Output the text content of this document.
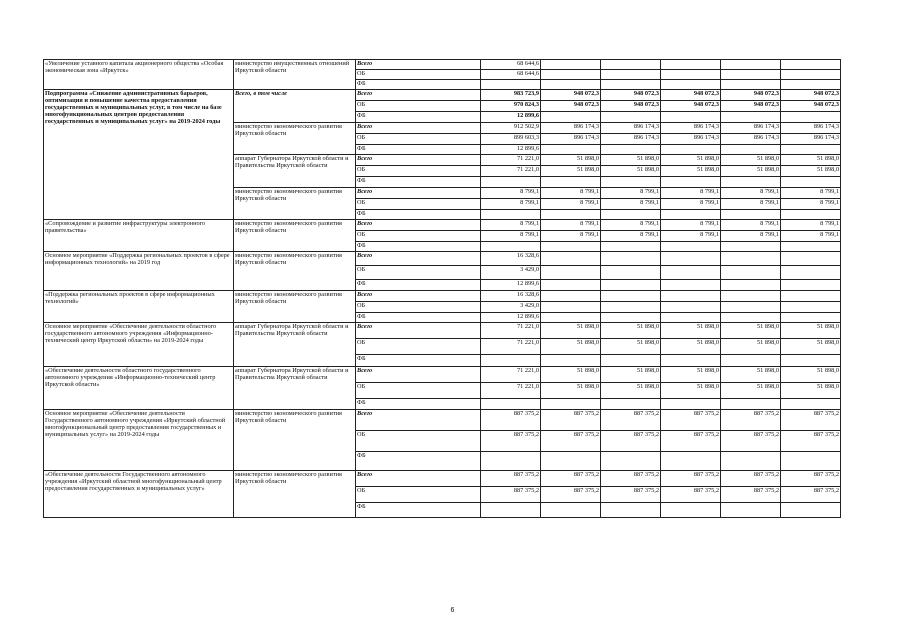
«Увеличение уставного капитала акционерного общества «Особая экономическая зона «Иркутск»	министерство имущественных отношений Иркутской области	Всего	68 644,6					
		ОБ	68 644,6					
		ФБ						
Подпрограмма «Снижение административных барьеров, оптимизация и повышение качества предоставления государственных и муниципальных услуг, в том числе на базе многофункциональных центров предоставления государственных и муниципальных услуг» на 2019-2024 годы	Всего, в том числе	Всего	983 723,9	948 072,3	948 072,3	948 072,3	948 072,3	948 072,3
		ОБ	970 824,3	948 072,3	948 072,3	948 072,3	948 072,3	948 072,3
		ФБ	12 899,6					
	министерство экономического развития Иркутской области	Всего	912 502,9	896 174,3	896 174,3	896 174,3	896 174,3	896 174,3
		ОБ	899 603,3	896 174,3	896 174,3	896 174,3	896 174,3	896 174,3
		ФБ	12 899,6					
	аппарат Губернатора Иркутской области и Правительства Иркутской области	Всего	71 221,0	51 898,0	51 898,0	51 898,0	51 898,0	51 898,0
		ОБ	71 221,0	51 898,0	51 898,0	51 898,0	51 898,0	51 898,0
		ФБ						
	министерство экономического развития Иркутской области	Всего	8 799,1	8 799,1	8 799,1	8 799,1	8 799,1	8 799,1
		ОБ	8 799,1	8 799,1	8 799,1	8 799,1	8 799,1	8 799,1
		ФБ						
«Сопровождение и развитие инфраструктуры электронного правительства»	министерство экономического развития Иркутской области	Всего	8 799,1	8 799,1	8 799,1	8 799,1	8 799,1	8 799,1
		ОБ	8 799,1	8 799,1	8 799,1	8 799,1	8 799,1	8 799,1
		ФБ						
Основное мероприятие «Поддержка региональных проектов в сфере информационных технологий» на 2019 год	министерство экономического развития Иркутской области	Всего	16 328,6					
		ОБ	3 429,0					
		ФБ	12 899,6					
«Поддержка региональных проектов в сфере информационных технологий»	министерство экономического развития Иркутской области	Всего	16 328,6					
		ОБ	3 429,0					
		ФБ	12 899,6					
Основное мероприятие «Обеспечение деятельности областного государственного автономного учреждения «Информационно-технический центр Иркутской области» на 2019-2024 годы	аппарат Губернатора Иркутской области и Правительства Иркутской области	Всего	71 221,0	51 898,0	51 898,0	51 898,0	51 898,0	51 898,0
		ОБ	71 221,0	51 898,0	51 898,0	51 898,0	51 898,0	51 898,0
		ФБ						
«Обеспечение деятельности областного государственного автономного учреждения «Информационно-технический центр Иркутской области»	аппарат Губернатора Иркутской области и Правительства Иркутской области	Всего	71 221,0	51 898,0	51 898,0	51 898,0	51 898,0	51 898,0
		ОБ	71 221,0	51 898,0	51 898,0	51 898,0	51 898,0	51 898,0
		ФБ						
Основное мероприятие «Обеспечение деятельности Государственного автономного учреждения «Иркутский областной многофункциональный центр предоставления государственных и муниципальных услуг» на 2019-2024 годы	министерство экономического развития Иркутской области	Всего	887 375,2	887 375,2	887 375,2	887 375,2	887 375,2	887 375,2
		ОБ	887 375,2	887 375,2	887 375,2	887 375,2	887 375,2	887 375,2
		ФБ						
«Обеспечение деятельности Государственного автономного учреждения «Иркутский областной многофункциональный центр предоставления государственных и муниципальных услуг»	министерство экономического развития Иркутской области	Всего	887 375,2	887 375,2	887 375,2	887 375,2	887 375,2	887 375,2
		ОБ	887 375,2	887 375,2	887 375,2	887 375,2	887 375,2	887 375,2
		ФБ						
6
